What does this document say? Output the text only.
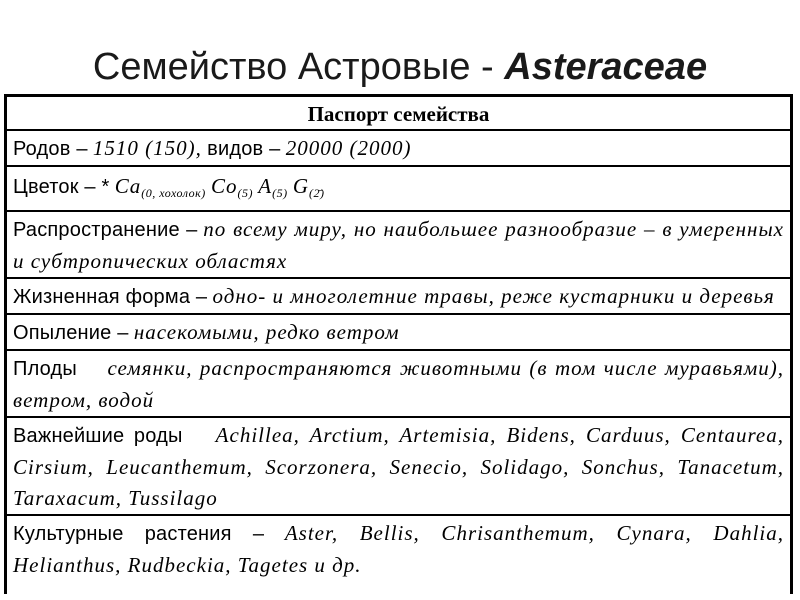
Семейство Астровые - Asteraceae
Паспорт семейства
Родов – 1510 (150), видов – 20000 (2000)
Цветок – * $Ca_{(0, хохолок)}$ $Co_{(5)}$ $A_{(5)}$ $G_{(2̄)}$
Распространение – по всему миру, но наибольшее разнообразие – в умеренных и субтропических областях
Жизненная форма – одно- и многолетние травы, реже кустарники и деревья
Опыление – насекомыми, редко ветром
Плоды семянки, распространяются животными (в том числе муравьями), ветром, водой
Важнейшие роды Achillea, Arctium, Artemisia, Bidens, Carduus, Centaurea, Cirsium, Leucanthemum, Scorzonera, Senecio, Solidago, Sonchus, Tanacetum, Taraxacum, Tussilago
Культурные растения – Aster, Bellis, Chrisanthemum, Cynara, Dahlia, Helianthus, Rudbeckia, Tagetes и др.
